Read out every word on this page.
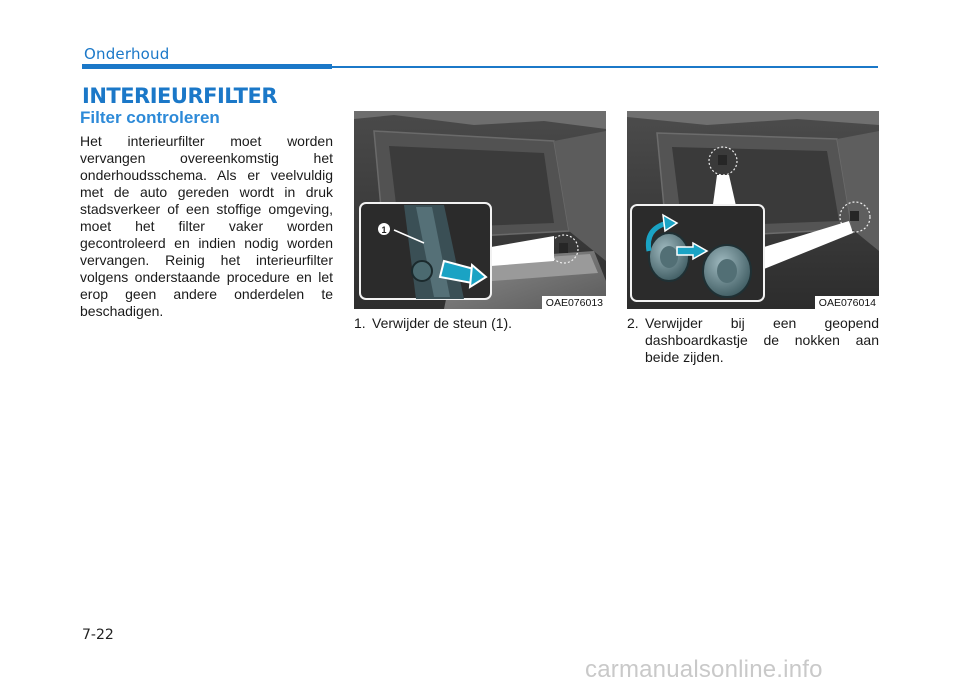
Onderhoud
INTERIEURFILTER
Filter controleren

Het interieurfilter moet worden vervangen overeenkomstig het onderhoudsschema. Als er veelvuldig met de auto gereden wordt in druk stadsverkeer of een stoffige omgeving, moet het filter vaker worden gecontroleerd en indien nodig worden vervangen. Reinig het interieurfilter volgens onderstaande procedure en let erop geen andere onderdelen te beschadigen.

1
OAE076013	OAE076014
1. Verwijder de steun (1).	2. Verwijder bij een geopend dashboardkastje de nokken aan beide zijden.
7-22
carmanualsonline.info
